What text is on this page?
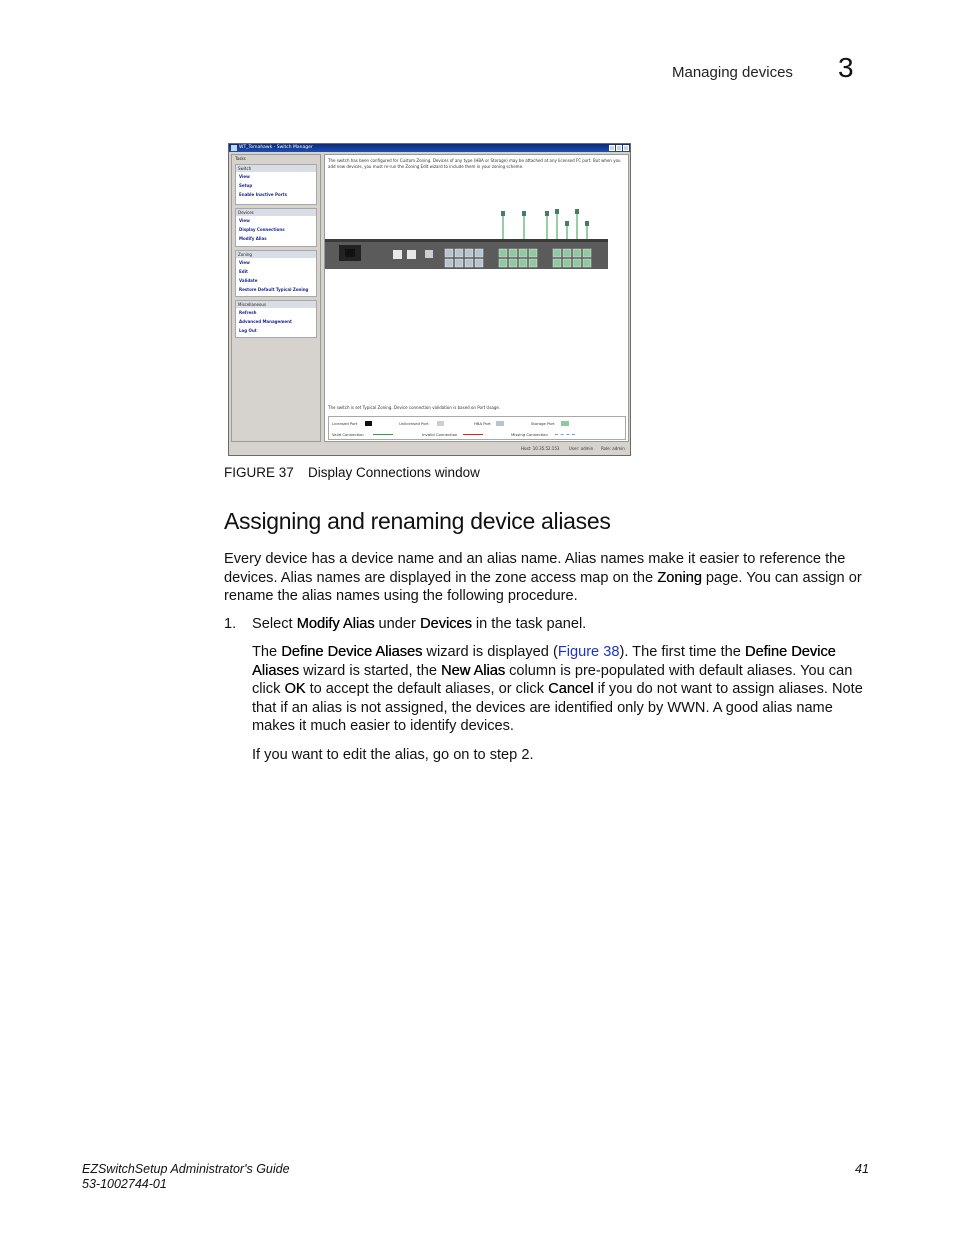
Managing devices 3
WT_Tomahawk - Switch Manager
Tasks
Switch
View
Setup
Enable Inactive Ports
Devices
View
Display Connections
Modify Alias
Zoning
View
Edit
Validate
Restore Default Typical Zoning
Miscellaneous
Refresh
Advanced Management
Log Out
The switch has been configured for Custom Zoning. Devices of any type (HBA or Storage) may be attached at any licensed FC port. But when you add new devices, you must re-run the Zoning Edit wizard to include them in your zoning scheme.
The switch is set Typical Zoning. Device connection validation is based on Port Usage.
Licensed Port	Unlicensed Port	HBA Port	Storage Port
Valid Connection	Invalid Connection	Missing Connection
Host: 10.35.52.153 User: admin Role: admin
FIGURE 37 Display Connections window
Assigning and renaming device aliases

Every device has a device name and an alias name. Alias names make it easier to reference the devices. Alias names are displayed in the zone access map on the Zoning page. You can assign or rename the alias names using the following procedure.

1. Select Modify Alias under Devices in the task panel.

The Define Device Aliases wizard is displayed (Figure 38). The first time the Define Device Aliases wizard is started, the New Alias column is pre-populated with default aliases. You can click OK to accept the default aliases, or click Cancel if you do not want to assign aliases. Note that if an alias is not assigned, the devices are identified only by WWN. A good alias name makes it much easier to identify devices.

If you want to edit the alias, go on to step 2.

EZSwitchSetup Administrator's Guide
53-1002744-01
41
